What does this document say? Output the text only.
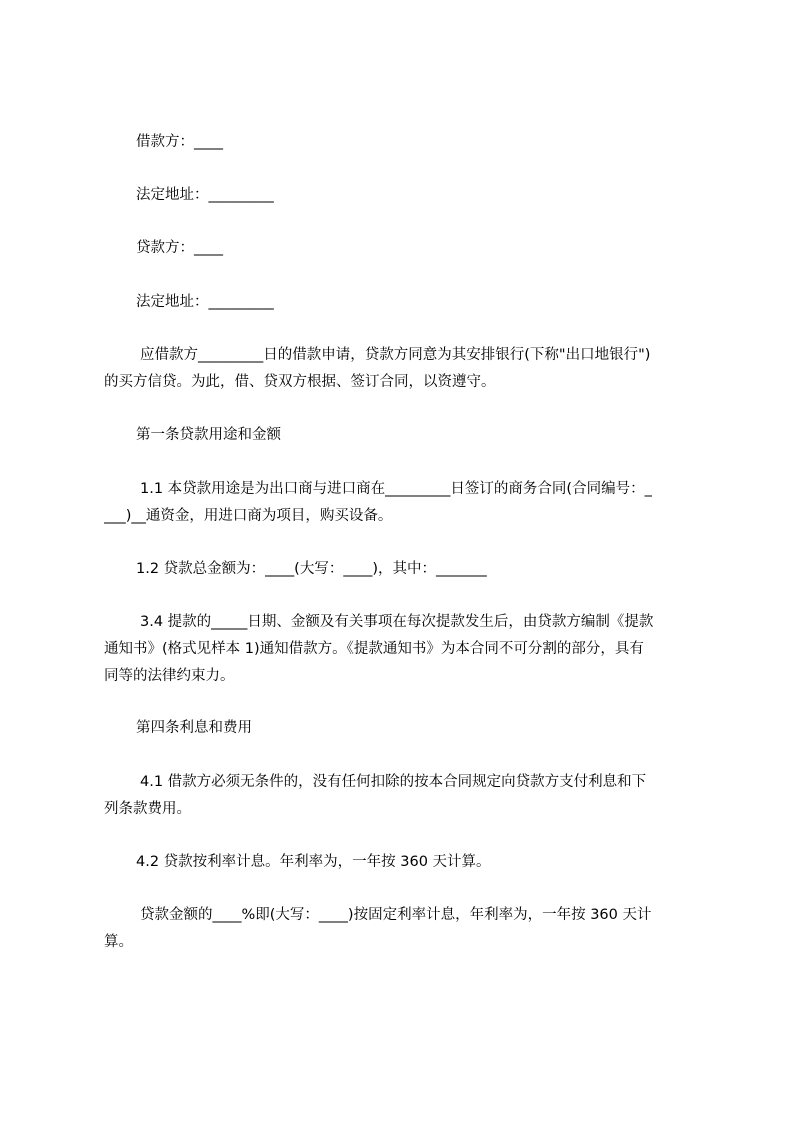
借款方：____
法定地址：_________
贷款方：____
法定地址：_________
应借款方_________日的借款申请，贷款方同意为其安排银行(下称"出口地银行")
的买方信贷。为此，借、贷双方根据、签订合同，以资遵守。
第一条贷款用途和金额
1.1 本贷款用途是为出口商与进口商在_________日签订的商务合同(合同编号：_
___)__通资金，用进口商为项目，购买设备。
1.2 贷款总金额为：____(大写：____)，其中：_______
3.4 提款的_____日期、金额及有关事项在每次提款发生后，由贷款方编制《提款
通知书》(格式见样本 1)通知借款方。《提款通知书》为本合同不可分割的部分，具有
同等的法律约束力。
第四条利息和费用
4.1 借款方必须无条件的，没有任何扣除的按本合同规定向贷款方支付利息和下
列条款费用。
4.2 贷款按利率计息。年利率为，一年按 360 天计算。
贷款金额的____%即(大写：____)按固定利率计息，年利率为，一年按 360 天计
算。
